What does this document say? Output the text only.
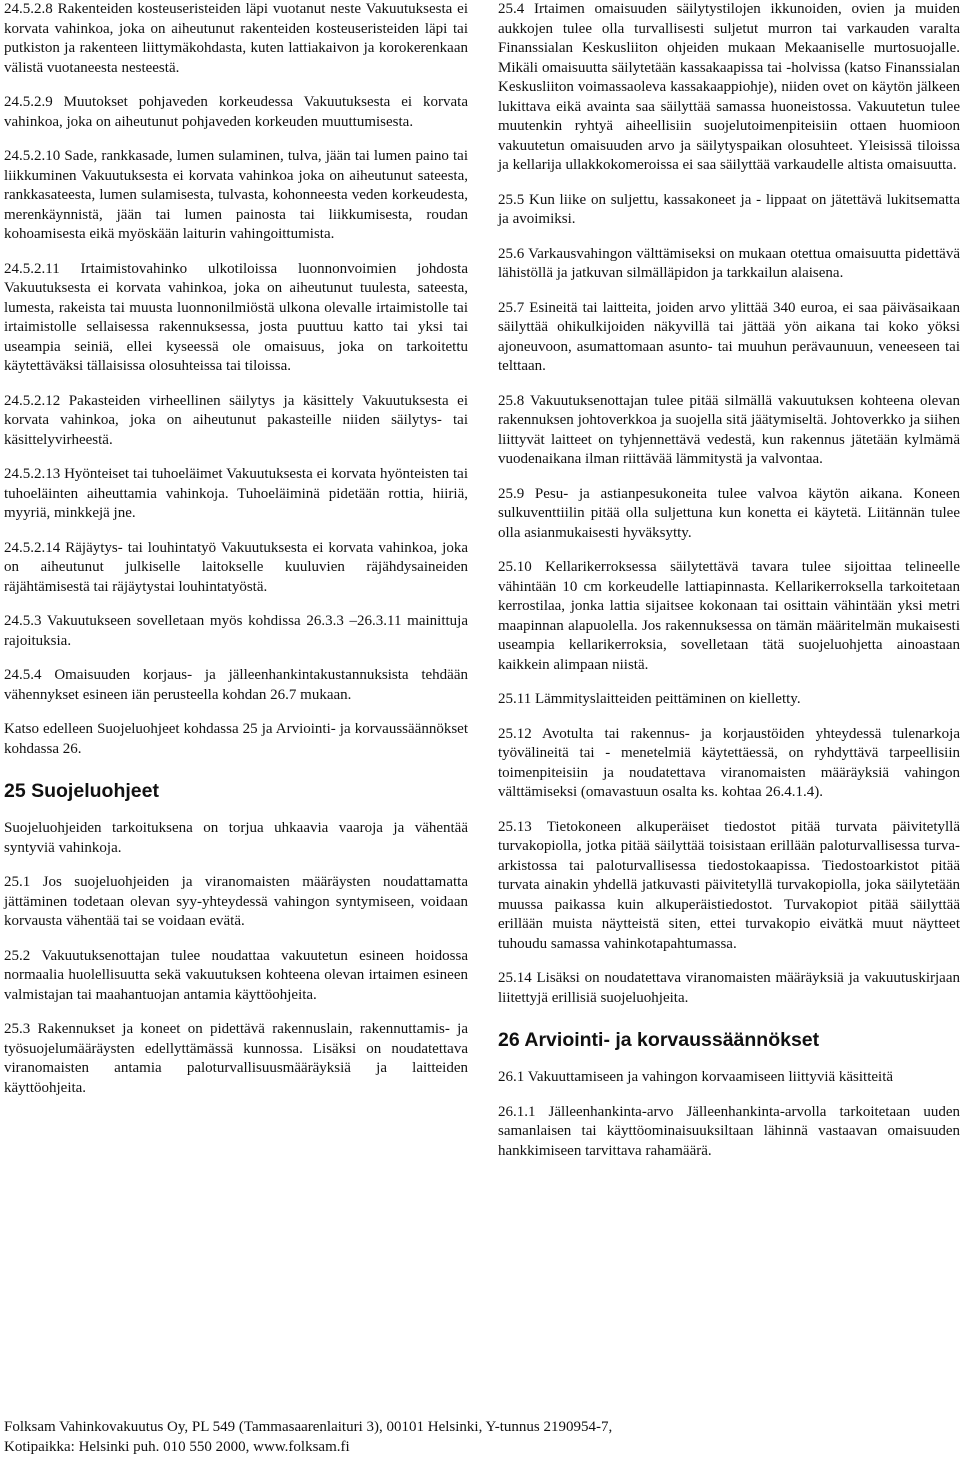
24.5.2.8 Rakenteiden kosteuseristeiden läpi vuotanut neste Vakuutuksesta ei korvata vahinkoa, joka on aiheutunut rakenteiden kosteuseristeiden läpi tai putkiston ja rakenteen liittymäkohdasta, kuten lattiakaivon ja korokerenkaan välistä vuotaneesta nesteestä.

24.5.2.9 Muutokset pohjaveden korkeudessa Vakuutuksesta ei korvata vahinkoa, joka on aiheutunut pohjaveden korkeuden muuttumisesta.

24.5.2.10 Sade, rankkasade, lumen sulaminen, tulva, jään tai lumen paino tai liikkuminen Vakuutuksesta ei korvata vahinkoa joka on aiheutunut sateesta, rankkasateesta, lumen sulamisesta, tulvasta, kohonneesta veden korkeudesta, merenkäynnistä, jään tai lumen painosta tai liikkumisesta, roudan kohoamisesta eikä myöskään laiturin vahingoittumista.

24.5.2.11 Irtaimistovahinko ulkotiloissa luonnonvoimien johdosta Vakuutuksesta ei korvata vahinkoa, joka on aiheutunut tuulesta, sateesta, lumesta, rakeista tai muusta luonnonilmiöstä ulkona olevalle irtaimistolle tai irtaimistolle sellaisessa rakennuksessa, josta puuttuu katto tai yksi tai useampia seiniä, ellei kyseessä ole omaisuus, joka on tarkoitettu käytettäväksi tällaisissa olosuhteissa tai tiloissa.

24.5.2.12 Pakasteiden virheellinen säilytys ja käsittely Vakuutuksesta ei korvata vahinkoa, joka on aiheutunut pakasteille niiden säilytys- tai käsittelyvirheestä.

24.5.2.13 Hyönteiset tai tuhoeläimet Vakuutuksesta ei korvata hyönteisten tai tuhoeläinten aiheuttamia vahinkoja. Tuhoeläiminä pidetään rottia, hiiriä, myyriä, minkkejä jne.

24.5.2.14 Räjäytys- tai louhintatyö Vakuutuksesta ei korvata vahinkoa, joka on aiheutunut julkiselle laitokselle kuuluvien räjähdysaineiden räjähtämisestä tai räjäytystai louhintatyöstä.

24.5.3 Vakuutukseen sovelletaan myös kohdissa 26.3.3 –26.3.11 mainittuja rajoituksia.

24.5.4 Omaisuuden korjaus- ja jälleenhankintakustannuksista tehdään vähennykset esineen iän perusteella kohdan 26.7 mukaan.

Katso edelleen Suojeluohjeet kohdassa 25 ja Arviointi- ja korvaussäännökset kohdassa 26.

25 Suojeluohjeet

Suojeluohjeiden tarkoituksena on torjua uhkaavia vaaroja ja vähentää syntyviä vahinkoja.

25.1 Jos suojeluohjeiden ja viranomaisten määräysten noudattamatta jättäminen todetaan olevan syy-yhteydessä vahingon syntymiseen, voidaan korvausta vähentää tai se voidaan evätä.

25.2 Vakuutuksenottajan tulee noudattaa vakuutetun esineen hoidossa normaalia huolellisuutta sekä vakuutuksen kohteena olevan irtaimen esineen valmistajan tai maahantuojan antamia käyttöohjeita.

25.3 Rakennukset ja koneet on pidettävä rakennuslain, rakennuttamis- ja työsuojelumääräysten edellyttämässä kunnossa. Lisäksi on noudatettava viranomaisten antamia paloturvallisuusmääräyksiä ja laitteiden käyttöohjeita.

25.4 Irtaimen omaisuuden säilytystilojen ikkunoiden, ovien ja muiden aukkojen tulee olla turvallisesti suljetut murron tai varkauden varalta Finanssialan Keskusliiton ohjeiden mukaan Mekaaniselle murtosuojalle. Mikäli omaisuutta säilytetään kassakaapissa tai -holvissa (katso Finanssialan Keskusliiton voimassaoleva kassakaappiohje), niiden ovet on käytön jälkeen lukittava eikä avainta saa säilyttää samassa huoneistossa. Vakuutetun tulee muutenkin ryhtyä aiheellisiin suojelutoimenpiteisiin ottaen huomioon vakuutetun omaisuuden arvo ja säilytyspaikan olosuhteet. Yleisissä tiloissa ja kellarija ullakkokomeroissa ei saa säilyttää varkaudelle altista omaisuutta.

25.5 Kun liike on suljettu, kassakoneet ja - lippaat on jätettävä lukitsematta ja avoimiksi.

25.6 Varkausvahingon välttämiseksi on mukaan otettua omaisuutta pidettävä lähistöllä ja jatkuvan silmälläpidon ja tarkkailun alaisena.

25.7 Esineitä tai laitteita, joiden arvo ylittää 340 euroa, ei saa päiväsaikaan säilyttää ohikulkijoiden näkyvillä tai jättää yön aikana tai koko yöksi ajoneuvoon, asumattomaan asunto- tai muuhun perävaunuun, veneeseen tai telttaan.

25.8 Vakuutuksenottajan tulee pitää silmällä vakuutuksen kohteena olevan rakennuksen johtoverkkoa ja suojella sitä jäätymiseltä. Johtoverkko ja siihen liittyvät laitteet on tyhjennettävä vedestä, kun rakennus jätetään kylmämä vuodenaikana ilman riittävää lämmitystä ja valvontaa.

25.9 Pesu- ja astianpesukoneita tulee valvoa käytön aikana. Koneen sulkuventtiilin pitää olla suljettuna kun konetta ei käytetä. Liitännän tulee olla asianmukaisesti hyväksytty.

25.10 Kellarikerroksessa säilytettävä tavara tulee sijoittaa telineelle vähintään 10 cm korkeudelle lattiapinnasta. Kellarikerroksella tarkoitetaan kerrostilaa, jonka lattia sijaitsee kokonaan tai osittain vähintään yksi metri maapinnan alapuolella. Jos rakennuksessa on tämän määritelmän mukaisesti useampia kellarikerroksia, sovelletaan tätä suojeluohjetta ainoastaan kaikkein alimpaan niistä.

25.11 Lämmityslaitteiden peittäminen on kielletty.

25.12 Avotulta tai rakennus- ja korjaustöiden yhteydessä tulenarkoja työvälineitä tai - menetelmiä käytettäessä, on ryhdyttävä tarpeellisiin toimenpiteisiin ja noudatettava viranomaisten määräyksiä vahingon välttämiseksi (omavastuun osalta ks. kohtaa 26.4.1.4).

25.13 Tietokoneen alkuperäiset tiedostot pitää turvata päivitetyllä turvakopiolla, jotka pitää säilyttää toisistaan erillään paloturvallisessa turva-arkistossa tai paloturvallisessa tiedostokaapissa. Tiedostoarkistot pitää turvata ainakin yhdellä jatkuvasti päivitetyllä turvakopiolla, joka säilytetään muussa paikassa kuin alkuperäistiedostot. Turvakopiot pitää säilyttää erillään muista näytteistä siten, ettei turvakopio eivätkä muut näytteet tuhoudu samassa vahinkotapahtumassa.

25.14 Lisäksi on noudatettava viranomaisten määräyksiä ja vakuutuskirjaan liitettyjä erillisiä suojeluohjeita.

26 Arviointi- ja korvaussäännökset

26.1 Vakuuttamiseen ja vahingon korvaamiseen liittyviä käsitteitä

26.1.1 Jälleenhankinta-arvo Jälleenhankinta-arvolla tarkoitetaan uuden samanlaisen tai käyttöominaisuuksiltaan lähinnä vastaavan omaisuuden hankkimiseen tarvittava rahamäärä.

Folksam Vahinkovakuutus Oy, PL 549 (Tammasaarenlaituri 3), 00101 Helsinki, Y-tunnus 2190954-7,
Kotipaikka: Helsinki puh. 010 550 2000, www.folksam.fi
